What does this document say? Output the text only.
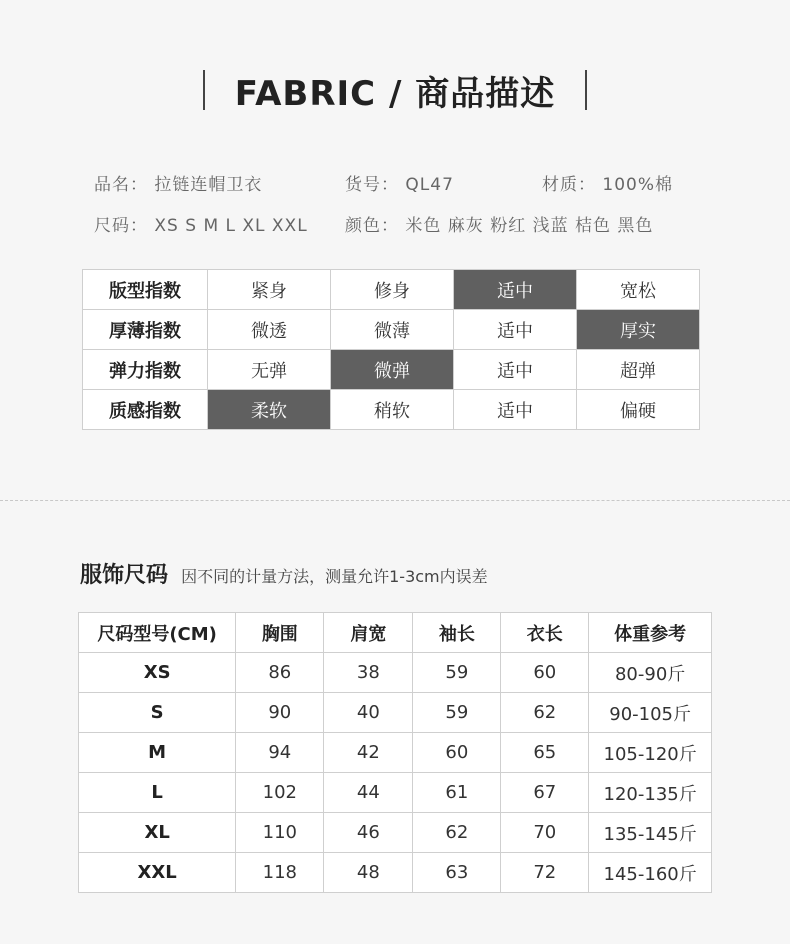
FABRIC / 商品描述
品名： 拉链连帽卫衣	货号： QL47	材质： 100%棉
尺码： XS S M L XL XXL 颜色： 米色 麻灰 粉红 浅蓝 桔色 黑色
版型指数	紧身	修身	适中	宽松
厚薄指数	微透	微薄	适中	厚实
弹力指数	无弹	微弹	适中	超弹
质感指数	柔软	稍软	适中	偏硬
服饰尺码 因不同的计量方法，测量允许1-3cm内误差
尺码型号(CM)	胸围	肩宽	袖长	衣长	体重参考
XS	86	38	59	60	80-90斤
S	90	40	59	62	90-105斤
M	94	42	60	65	105-120斤
L	102	44	61	67	120-135斤
XL	110	46	62	70	135-145斤
XXL	118	48	63	72	145-160斤
